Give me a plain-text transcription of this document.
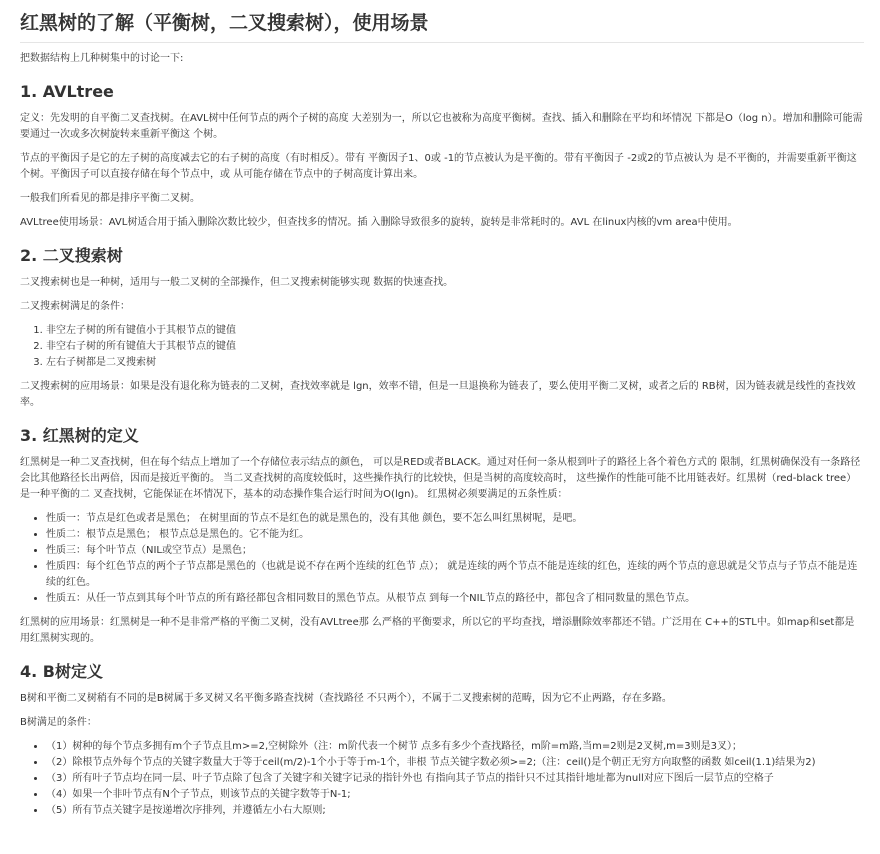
红黑树的了解（平衡树，二叉搜索树），使用场景

把数据结构上几种树集中的讨论一下:

1. AVLtree

定义：先发明的自平衡二叉查找树。在AVL树中任何节点的两个子树的高度 大差别为一，所以它也被称为高度平衡树。查找、插入和删除在平均和坏情况 下都是O（log n）。增加和删除可能需要通过一次或多次树旋转来重新平衡这 个树。

节点的平衡因子是它的左子树的高度减去它的右子树的高度（有时相反）。带有 平衡因子1、0或 -1的节点被认为是平衡的。带有平衡因子 -2或2的节点被认为 是不平衡的，并需要重新平衡这个树。平衡因子可以直接存储在每个节点中，或 从可能存储在节点中的子树高度计算出来。

一般我们所看见的都是排序平衡二叉树。

AVLtree使用场景：AVL树适合用于插入删除次数比较少，但查找多的情况。插 入删除导致很多的旋转，旋转是非常耗时的。AVL 在linux内核的vm area中使用。

2. 二叉搜索树

二叉搜索树也是一种树，适用与一般二叉树的全部操作，但二叉搜索树能够实现 数据的快速查找。

二叉搜索树满足的条件：

1. 非空左子树的所有键值小于其根节点的键值
2. 非空右子树的所有键值大于其根节点的键值
3. 左右子树都是二叉搜索树

二叉搜索树的应用场景：如果是没有退化称为链表的二叉树，查找效率就是 lgn，效率不错，但是一旦退换称为链表了，要么使用平衡二叉树，或者之后的 RB树，因为链表就是线性的查找效率。

3. 红黑树的定义

红黑树是一种二叉查找树，但在每个结点上增加了一个存储位表示结点的颜色， 可以是RED或者BLACK。通过对任何一条从根到叶子的路径上各个着色方式的 限制，红黑树确保没有一条路径会比其他路径长出两倍，因而是接近平衡的。 当二叉查找树的高度较低时，这些操作执行的比较快，但是当树的高度较高时， 这些操作的性能可能不比用链表好。红黑树（red-black tree）是一种平衡的二 叉查找树，它能保证在坏情况下，基本的动态操作集合运行时间为O(lgn)。 红黑树必须要满足的五条性质：

• 性质一：节点是红色或者是黑色； 在树里面的节点不是红色的就是黑色的，没有其他 颜色，要不怎么叫红黑树呢，是吧。
• 性质二：根节点是黑色； 根节点总是黑色的。它不能为红。
• 性质三：每个叶节点（NIL或空节点）是黑色；
• 性质四：每个红色节点的两个子节点都是黑色的（也就是说不存在两个连续的红色节 点）； 就是连续的两个节点不能是连续的红色，连续的两个节点的意思就是父节点与子节点不能是连续的红色。
• 性质五：从任一节点到其每个叶节点的所有路径都包含相同数目的黑色节点。从根节点 到每一个NIL节点的路径中，都包含了相同数量的黑色节点。

红黑树的应用场景：红黑树是一种不是非常严格的平衡二叉树，没有AVLtree那 么严格的平衡要求，所以它的平均查找，增添删除效率都还不错。广泛用在 C++的STL中。如map和set都是用红黑树实现的。

4. B树定义

B树和平衡二叉树稍有不同的是B树属于多叉树又名平衡多路查找树（查找路径 不只两个），不属于二叉搜索树的范畴，因为它不止两路，存在多路。

B树满足的条件：

• （1）树种的每个节点多拥有m个子节点且m>=2,空树除外（注：m阶代表一个树节 点多有多少个查找路径，m阶=m路,当m=2则是2叉树,m=3则是3叉）；
• （2）除根节点外每个节点的关键字数量大于等于ceil(m/2)-1个小于等于m-1个，非根 节点关键字数必须>=2;（注：ceil()是个朝正无穷方向取整的函数 如ceil(1.1)结果为2)
• （3）所有叶子节点均在同一层、叶子节点除了包含了关键字和关键字记录的指针外也 有指向其子节点的指针只不过其指针地址都为null对应下图后一层节点的空格子
• （4）如果一个非叶节点有N个子节点，则该节点的关键字数等于N-1;
• （5）所有节点关键字是按递增次序排列，并遵循左小右大原则;
